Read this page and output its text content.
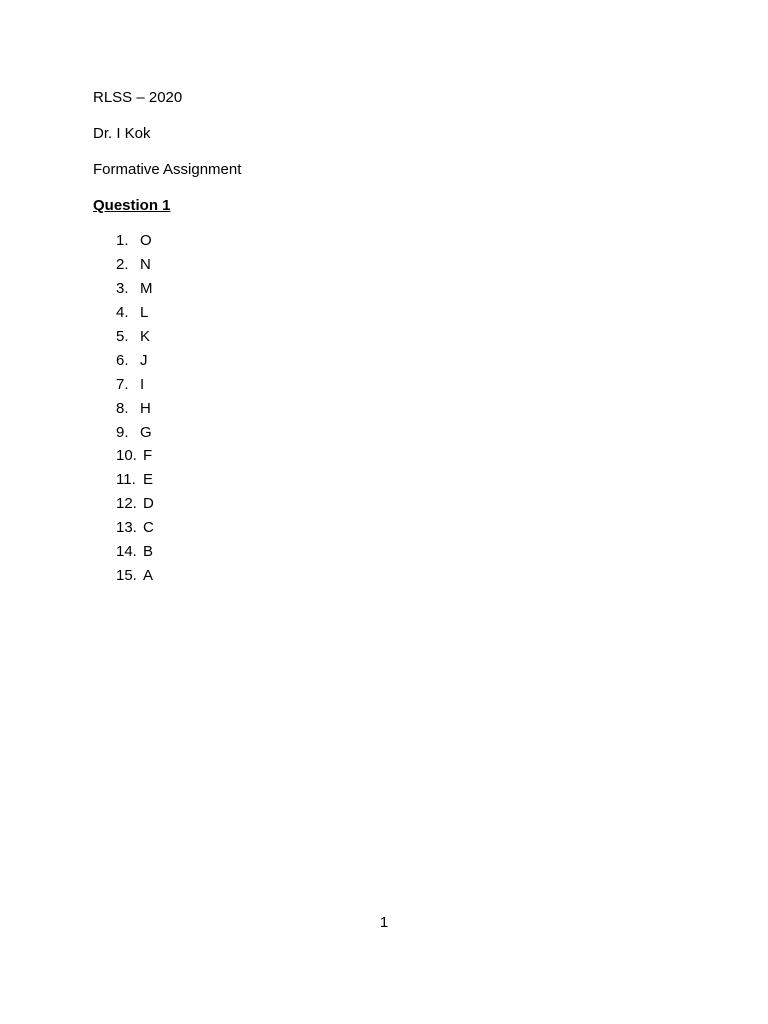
RLSS – 2020
Dr. I Kok
Formative Assignment
Question 1
1. O
2. N
3. M
4. L
5. K
6. J
7. I
8. H
9. G
10. F
11. E
12. D
13. C
14. B
15. A
1
